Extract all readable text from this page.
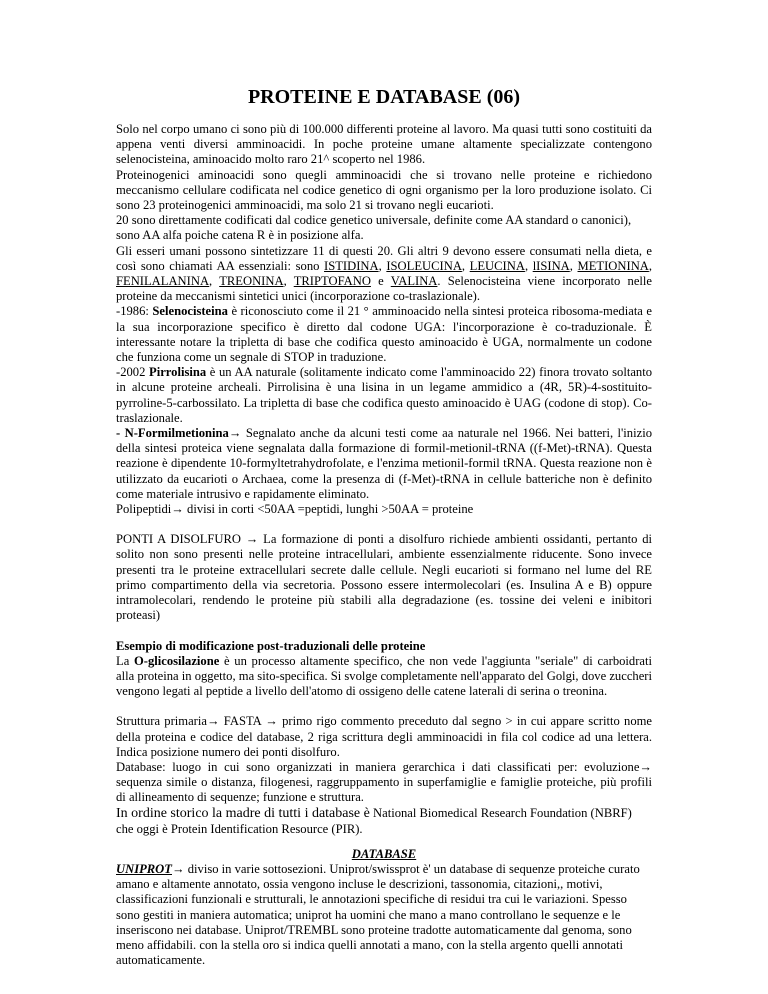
PROTEINE E DATABASE (06)

Solo nel corpo umano ci sono più di 100.000 differenti proteine al lavoro. Ma quasi tutti sono costituiti da appena venti diversi amminoacidi. In poche proteine umane altamente specializzate contengono selenocisteina, aminoacido molto raro 21^ scoperto nel 1986.

Proteinogenici aminoacidi sono quegli amminoacidi che si trovano nelle proteine e richiedono meccanismo cellulare codificata nel codice genetico di ogni organismo per la loro produzione isolato. Ci sono 23 proteinogenici amminoacidi, ma solo 21 si trovano negli eucarioti.

20 sono direttamente codificati dal codice genetico universale, definite come AA standard o canonici), sono AA alfa poiche catena R è in posizione alfa.

Gli esseri umani possono sintetizzare 11 di questi 20. Gli altri 9 devono essere consumati nella dieta, e così sono chiamati AA essenziali: sono ISTIDINA, ISOLEUCINA, LEUCINA, lISINA, METIONINA, FENILALANINA, TREONINA, TRIPTOFANO e VALINA. Selenocisteina viene incorporato nelle proteine da meccanismi sintetici unici (incorporazione co-traslazionale).

-1986: Selenocisteina è riconosciuto come il 21 ° amminoacido nella sintesi proteica ribosoma-mediata e la sua incorporazione specifico è diretto dal codone UGA: l'incorporazione è co-traduzionale. È interessante notare la tripletta di base che codifica questo aminoacido è UGA, normalmente un codone che funziona come un segnale di STOP in traduzione.

-2002 Pirrolisina è un AA naturale (solitamente indicato come l'amminoacido 22) finora trovato soltanto in alcune proteine archeali. Pirrolisina è una lisina in un legame ammidico a (4R, 5R)-4-sostituito-pyrroline-5-carbossilato. La tripletta di base che codifica questo aminoacido è UAG (codone di stop). Co-traslazionale.

- N-Formilmetionina→ Segnalato anche da alcuni testi come aa naturale nel 1966. Nei batteri, l'inizio della sintesi proteica viene segnalata dalla formazione di formil-metionil-tRNA ((f-Met)-tRNA). Questa reazione è dipendente 10-formyltetrahydrofolate, e l'enzima metionil-formil tRNA. Questa reazione non è utilizzato da eucarioti o Archaea, come la presenza di (f-Met)-tRNA in cellule batteriche non è definito come materiale intrusivo e rapidamente eliminato.

Polipeptidi→ divisi in corti <50AA =peptidi, lunghi >50AA = proteine

PONTI A DISOLFURO → La formazione di ponti a disolfuro richiede ambienti ossidanti, pertanto di solito non sono presenti nelle proteine intracellulari, ambiente essenzialmente riducente. Sono invece presenti tra le proteine extracellulari secrete dalle cellule. Negli eucarioti si formano nel lume del RE primo compartimento della via secretoria. Possono essere intermolecolari (es. Insulina A e B) oppure intramolecolari, rendendo le proteine più stabili alla degradazione (es. tossine dei veleni e inibitori proteasi)

Esempio di modificazione post-traduzionali delle proteine

La O-glicosilazione è un processo altamente specifico, che non vede l'aggiunta "seriale" di carboidrati alla proteina in oggetto, ma sito-specifica. Si svolge completamente nell'apparato del Golgi, dove zuccheri vengono legati al peptide a livello dell'atomo di ossigeno delle catene laterali di serina o treonina.

Struttura primaria→ FASTA → primo rigo commento preceduto dal segno > in cui appare scritto nome della proteina e codice del database, 2 riga scrittura degli amminoacidi in fila col codice ad una lettera. Indica posizione numero dei ponti disolfuro.

Database: luogo in cui sono organizzati in maniera gerarchica i dati classificati per: evoluzione→ sequenza simile o distanza, filogenesi, raggruppamento in superfamiglie e famiglie proteiche, più profili di allineamento di sequenze; funzione e struttura.

In ordine storico la madre di tutti i database è National Biomedical Research Foundation (NBRF) che oggi è Protein Identification Resource (PIR).

DATABASE

UNIPROT→ diviso in varie sottosezioni. Uniprot/swissprot è' un database di sequenze proteiche curato amano e altamente annotato, ossia vengono incluse le descrizioni, tassonomia, citazioni,, motivi, classificazioni funzionali e strutturali, le annotazioni specifiche di residui tra cui le variazioni. Spesso sono gestiti in maniera automatica; uniprot ha uomini che mano a mano controllano le sequenze e le inseriscono nei database. Uniprot/TREMBL sono proteine tradotte automaticamente dal genoma, sono meno affidabili. con la stella oro si indica quelli annotati a mano, con la stella argento quelli annotati automaticamente.
